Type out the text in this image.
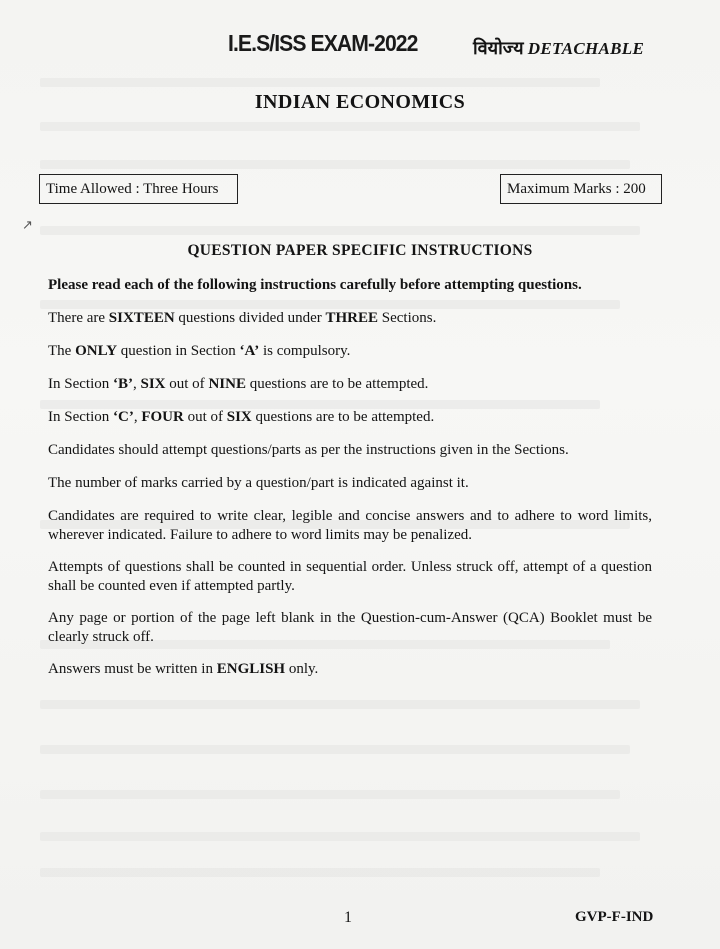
I.E.S/ISS EXAM-2022	वियोज्य DETACHABLE
INDIAN ECONOMICS
Time Allowed : Three Hours	Maximum Marks : 200
↗
QUESTION PAPER SPECIFIC INSTRUCTIONS
Please read each of the following instructions carefully before attempting questions.
There are SIXTEEN questions divided under THREE Sections.
The ONLY question in Section ‘A’ is compulsory.
In Section ‘B’, SIX out of NINE questions are to be attempted.
In Section ‘C’, FOUR out of SIX questions are to be attempted.
Candidates should attempt questions/parts as per the instructions given in the Sections.
The number of marks carried by a question/part is indicated against it.
Candidates are required to write clear, legible and concise answers and to adhere to word limits, wherever indicated. Failure to adhere to word limits may be penalized.
Attempts of questions shall be counted in sequential order. Unless struck off, attempt of a question shall be counted even if attempted partly.
Any page or portion of the page left blank in the Question-cum-Answer (QCA) Booklet must be clearly struck off.
Answers must be written in ENGLISH only.
1	GVP-F-IND
